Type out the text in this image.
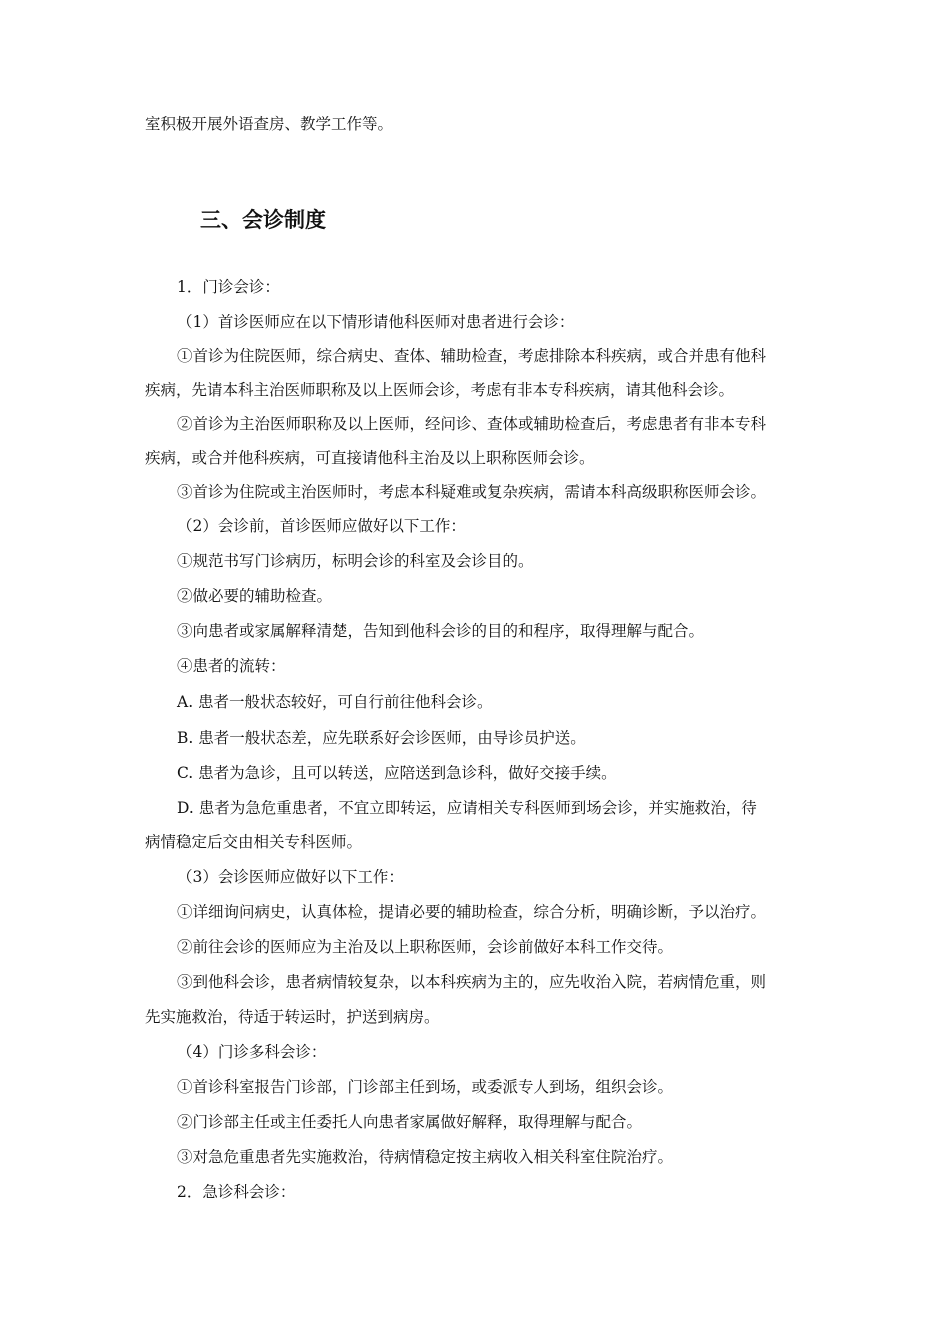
室积极开展外语查房、教学工作等。

三、会诊制度

1．门诊会诊：

（1）首诊医师应在以下情形请他科医师对患者进行会诊：

①首诊为住院医师，综合病史、查体、辅助检查，考虑排除本科疾病，或合并患有他科

疾病，先请本科主治医师职称及以上医师会诊，考虑有非本专科疾病，请其他科会诊。

②首诊为主治医师职称及以上医师，经问诊、查体或辅助检查后，考虑患者有非本专科

疾病，或合并他科疾病，可直接请他科主治及以上职称医师会诊。

③首诊为住院或主治医师时，考虑本科疑难或复杂疾病，需请本科高级职称医师会诊。

（2）会诊前，首诊医师应做好以下工作：

①规范书写门诊病历，标明会诊的科室及会诊目的。

②做必要的辅助检查。

③向患者或家属解释清楚，告知到他科会诊的目的和程序，取得理解与配合。

④患者的流转：

A. 患者一般状态较好，可自行前往他科会诊。

B. 患者一般状态差，应先联系好会诊医师，由导诊员护送。

C. 患者为急诊，且可以转送，应陪送到急诊科，做好交接手续。

D. 患者为急危重患者，不宜立即转运，应请相关专科医师到场会诊，并实施救治，待

病情稳定后交由相关专科医师。

（3）会诊医师应做好以下工作：

①详细询问病史，认真体检，提请必要的辅助检查，综合分析，明确诊断，予以治疗。

②前往会诊的医师应为主治及以上职称医师，会诊前做好本科工作交待。

③到他科会诊，患者病情较复杂，以本科疾病为主的，应先收治入院，若病情危重，则

先实施救治，待适于转运时，护送到病房。

（4）门诊多科会诊：

①首诊科室报告门诊部，门诊部主任到场，或委派专人到场，组织会诊。

②门诊部主任或主任委托人向患者家属做好解释，取得理解与配合。

③对急危重患者先实施救治，待病情稳定按主病收入相关科室住院治疗。

2．急诊科会诊：
